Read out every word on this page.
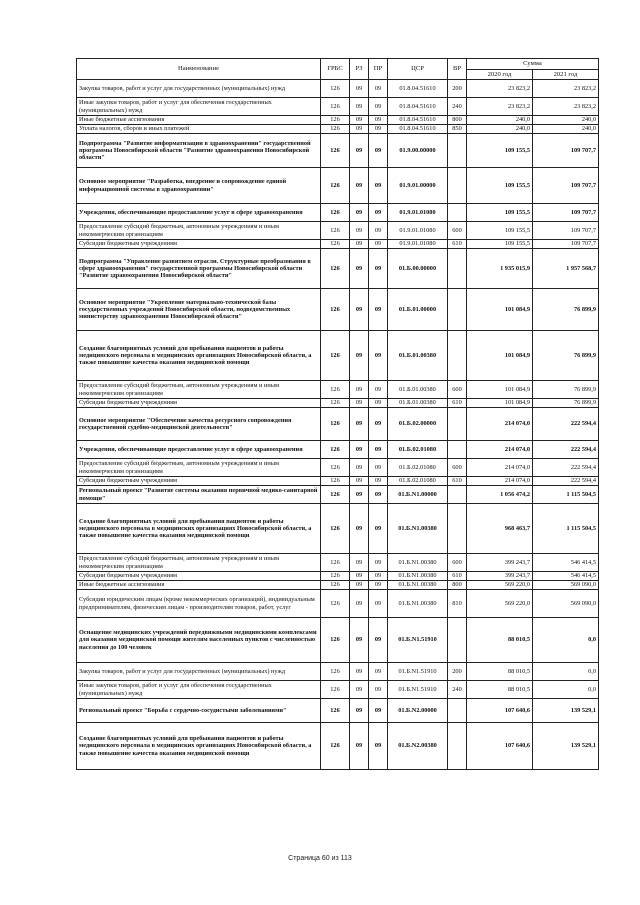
Наименование	ГРБС	РЗ	ПР	ЦСР	ВР	Сумма	
						2020 год	2021 год
Закупка товаров, работ и услуг для государственных (муниципальных) нужд	126	09	09	01.8.04.51610	200	23 823,2	23 823,2
Иные закупки товаров, работ и услуг для обеспечения государственных (муниципальных) нужд	126	09	09	01.8.04.51610	240	23 823,2	23 823,2
Иные бюджетные ассигнования	126	09	09	01.8.04.51610	800	240,0	240,0
Уплата налогов, сборов и иных платежей	126	09	09	01.8.04.51610	850	240,0	240,0
Подпрограмма "Развитие информатизации в здравоохранении" государственной программы Новосибирской области "Развитие здравоохранения Новосибирской области"	126	09	09	01.9.00.00000		109 155,5	109 707,7
Основное мероприятие "Разработка, внедрение и сопровождение единой информационной системы в здравоохранении"	126	09	09	01.9.01.00000		109 155,5	109 707,7
Учреждения, обеспечивающие предоставление услуг в сфере здравоохранения	126	09	09	01.9.01.01080		109 155,5	109 707,7
Предоставление субсидий бюджетным, автономным учреждениям и иным некоммерческим организациям	126	09	09	01.9.01.01080	600	109 155,5	109 707,7
Субсидии бюджетным учреждениям	126	09	09	01.9.01.01080	610	109 155,5	109 707,7
Подпрограмма "Управление развитием отрасли. Структурные преобразования в сфере здравоохранения" государственной программы Новосибирской области "Развитие здравоохранения Новосибирской области"	126	09	09	01.Б.00.00000		1 935 015,9	1 957 568,7
Основное мероприятие "Укрепление материально-технической базы государственных учреждений Новосибирской области, подведомственных министерству здравоохранения Новосибирской области"	126	09	09	01.Б.01.00000		101 084,9	76 899,9
Создание благоприятных условий для пребывания пациентов и работы медицинского персонала в медицинских организациях Новосибирской области, а также повышение качества оказания медицинской помощи	126	09	09	01.Б.01.00380		101 084,9	76 899,9
Предоставление субсидий бюджетным, автономным учреждениям и иным некоммерческим организациям	126	09	09	01.Б.01.00380	600	101 084,9	76 899,9
Субсидии бюджетным учреждениям	126	09	09	01.Б.01.00380	610	101 084,9	76 899,9
Основное мероприятие "Обеспечение качества ресурсного сопровождения государственной судебно-медицинской деятельности"	126	09	09	01.Б.02.00000		214 074,0	222 594,4
Учреждения, обеспечивающие предоставление услуг в сфере здравоохранения	126	09	09	01.Б.02.01080		214 074,0	222 594,4
Предоставление субсидий бюджетным, автономным учреждениям и иным некоммерческим организациям	126	09	09	01.Б.02.01080	600	214 074,0	222 594,4
Субсидии бюджетным учреждениям	126	09	09	01.Б.02.01080	610	214 074,0	222 594,4
Региональный проект "Развитие системы оказания первичной медико-санитарной помощи"	126	09	09	01.Б.N1.00000		1 056 474,2	1 115 504,5
Создание благоприятных условий для пребывания пациентов и работы медицинского персонала в медицинских организациях Новосибирской области, а также повышение качества оказания медицинской помощи	126	09	09	01.Б.N1.00380		968 463,7	1 115 504,5
Предоставление субсидий бюджетным, автономным учреждениям и иным некоммерческим организациям	126	09	09	01.Б.N1.00380	600	399 243,7	546 414,5
Субсидии бюджетным учреждениям	126	09	09	01.Б.N1.00380	610	399 243,7	546 414,5
Иные бюджетные ассигнования	126	09	09	01.Б.N1.00380	800	569 220,0	569 090,0
Субсидии юридическим лицам (кроме некоммерческих организаций), индивидуальным предпринимателям, физическим лицам - производителям товаров, работ, услуг	126	09	09	01.Б.N1.00380	810	569 220,0	569 090,0
Оснащение медицинских учреждений передвижными медицинскими комплексами для оказания медицинской помощи жителям населенных пунктов с численностью населения до 100 человек	126	09	09	01.Б.N1.51910		88 010,5	0,0
Закупка товаров, работ и услуг для государственных (муниципальных) нужд	126	09	09	01.Б.N1.51910	200	88 010,5	0,0
Иные закупки товаров, работ и услуг для обеспечения государственных (муниципальных) нужд	126	09	09	01.Б.N1.51910	240	88 010,5	0,0
Региональный проект "Борьба с сердечно-сосудистыми заболеваниями"	126	09	09	01.Б.N2.00000		107 640,6	139 529,1
Создание благоприятных условий для пребывания пациентов и работы медицинского персонала в медицинских организациях Новосибирской области, а также повышение качества оказания медицинской помощи	126	09	09	01.Б.N2.00380		107 640,6	139 529,1
Страница 60 из 113
